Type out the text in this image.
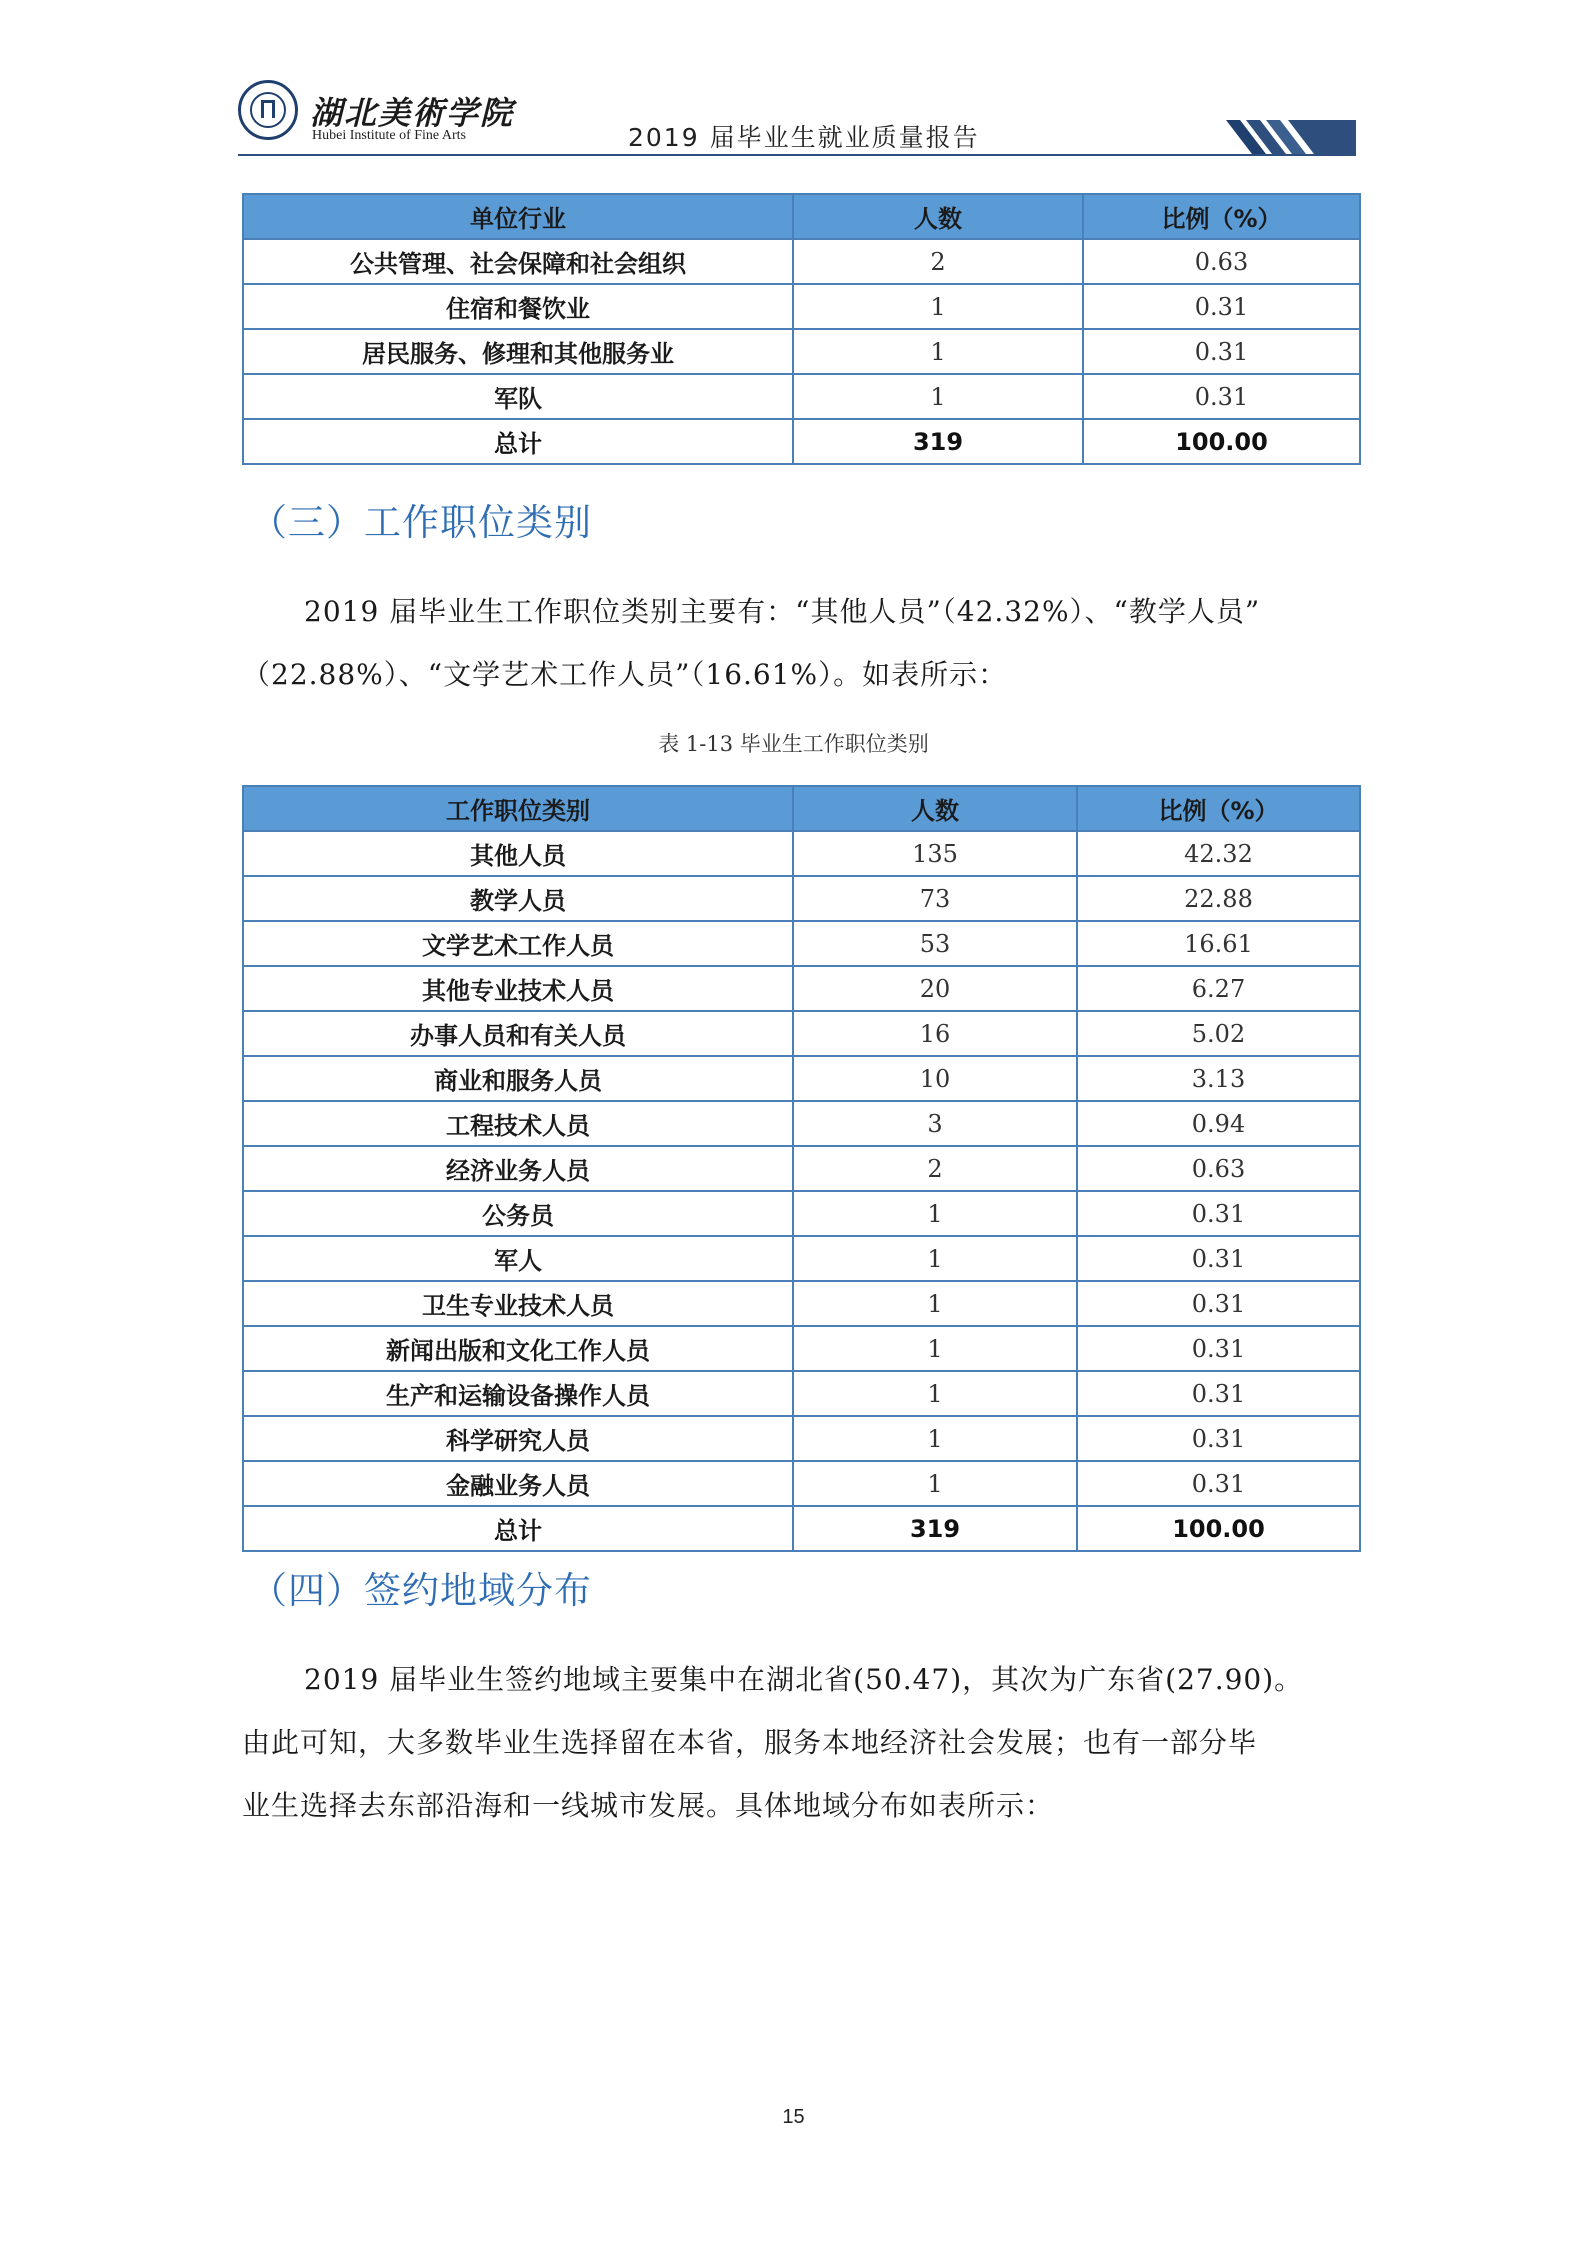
湖北美術学院
Hubei Institute of Fine Arts	2019 届毕业生就业质量报告
单位行业	人数	比例（%）
公共管理、社会保障和社会组织	2	0.63
住宿和餐饮业	1	0.31
居民服务、修理和其他服务业	1	0.31
军队	1	0.31
总计	319	100.00
（三）工作职位类别
2019 届毕业生工作职位类别主要有：“其他人员”（42.32%）、“教学人员”
（22.88%）、“文学艺术工作人员”（16.61%）。如表所示：
表 1-13 毕业生工作职位类别
工作职位类别	人数	比例（%）
其他人员	135	42.32
教学人员	73	22.88
文学艺术工作人员	53	16.61
其他专业技术人员	20	6.27
办事人员和有关人员	16	5.02
商业和服务人员	10	3.13
工程技术人员	3	0.94
经济业务人员	2	0.63
公务员	1	0.31
军人	1	0.31
卫生专业技术人员	1	0.31
新闻出版和文化工作人员	1	0.31
生产和运输设备操作人员	1	0.31
科学研究人员	1	0.31
金融业务人员	1	0.31
总计	319	100.00
（四）签约地域分布
2019 届毕业生签约地域主要集中在湖北省(50.47)，其次为广东省(27.90)。
由此可知，大多数毕业生选择留在本省，服务本地经济社会发展；也有一部分毕
业生选择去东部沿海和一线城市发展。具体地域分布如表所示：
15
